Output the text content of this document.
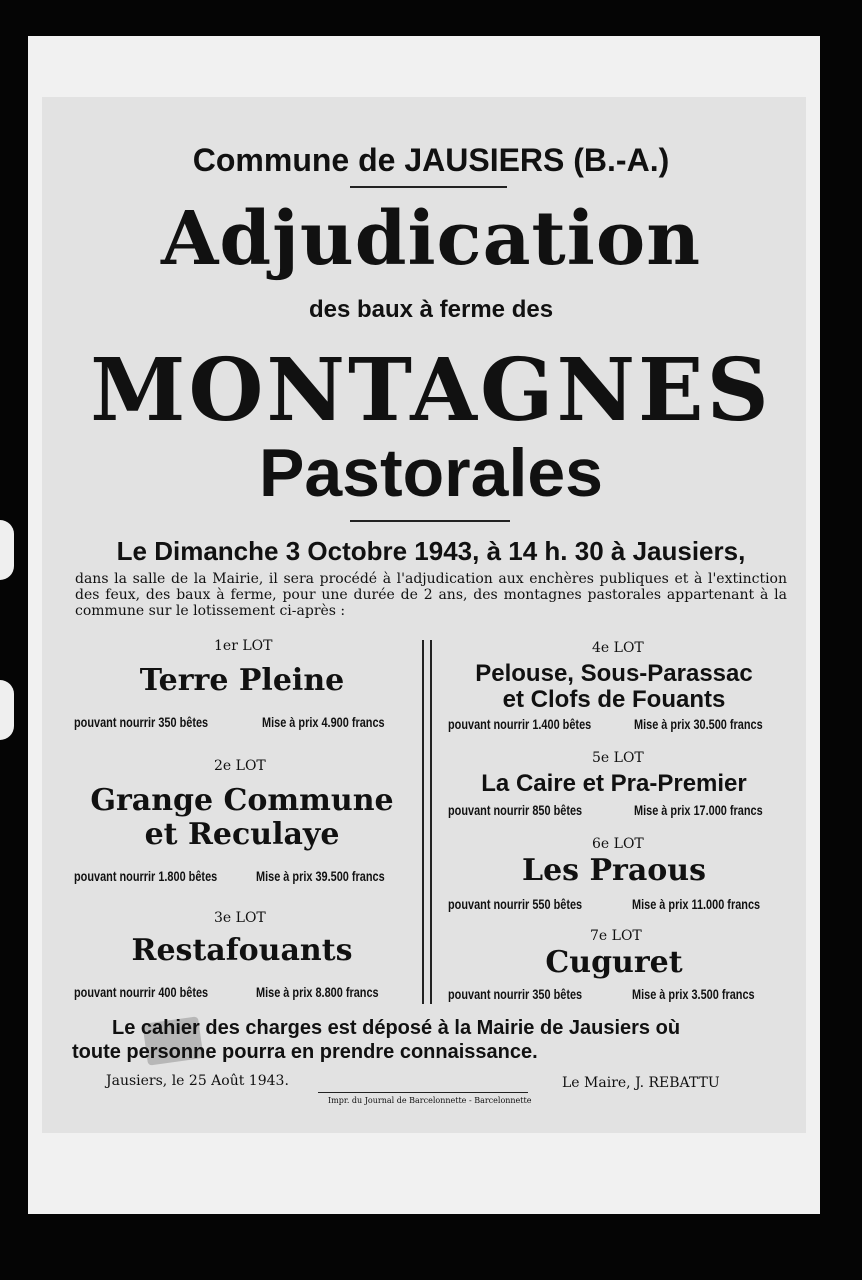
Commune de JAUSIERS (B.-A.)
Adjudication
des baux à ferme des
MONTAGNES
Pastorales
Le Dimanche 3 Octobre 1943, à 14 h. 30 à Jausiers,
dans la salle de la Mairie, il sera procédé à l'adjudication aux enchères publiques et à l'extinction des feux, des baux à ferme, pour une durée de 2 ans, des montagnes pastorales appartenant à la commune sur le lotissement ci-après :
1er LOT
Terre Pleine
pouvant nourrir 350 bêtes	Mise à prix 4.900 francs
2e LOT
Grange Commune
et Reculaye
pouvant nourrir 1.800 bêtes	Mise à prix 39.500 francs
3e LOT
Restafouants
pouvant nourrir 400 bêtes	Mise à prix 8.800 francs
4e LOT
Pelouse, Sous-Parassac
et Clofs de Fouants
pouvant nourrir 1.400 bêtes	Mise à prix 30.500 francs
5e LOT
La Caire et Pra-Premier
pouvant nourrir 850 bêtes	Mise à prix 17.000 francs
6e LOT
Les Praous
pouvant nourrir 550 bêtes	Mise à prix 11.000 francs
7e LOT
Cuguret
pouvant nourrir 350 bêtes	Mise à prix 3.500 francs
Le cahier des charges est déposé à la Mairie de Jausiers où
toute personne pourra en prendre connaissance.
Jausiers, le 25 Août 1943.
Impr. du Journal de Barcelonnette - Barcelonnette
Le Maire, J. REBATTU
